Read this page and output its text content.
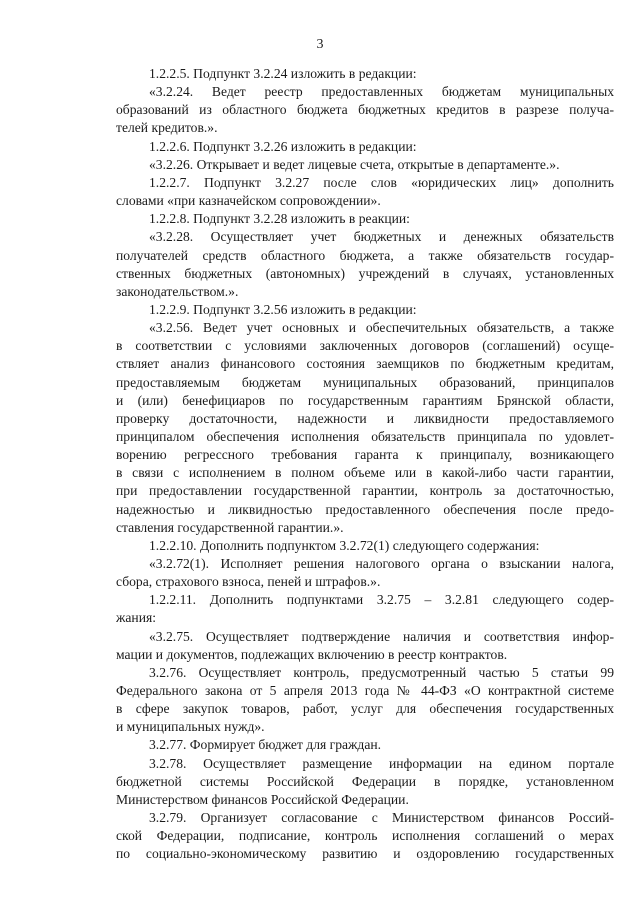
3
1.2.2.5. Подпункт 3.2.24 изложить в редакции:
«3.2.24. Ведет реестр предоставленных бюджетам муниципальных
образований из областного бюджета бюджетных кредитов в разрезе получа-
телей кредитов.».
1.2.2.6. Подпункт 3.2.26 изложить в редакции:
«3.2.26. Открывает и ведет лицевые счета, открытые в департаменте.».
1.2.2.7. Подпункт 3.2.27 после слов «юридических лиц» дополнить
словами «при казначейском сопровождении».
1.2.2.8. Подпункт 3.2.28 изложить в реакции:
«3.2.28. Осуществляет учет бюджетных и денежных обязательств
получателей средств областного бюджета, а также обязательств государ-
ственных бюджетных (автономных) учреждений в случаях, установленных
законодательством.».
1.2.2.9. Подпункт 3.2.56 изложить в редакции:
«3.2.56. Ведет учет основных и обеспечительных обязательств, а также
в соответствии с условиями заключенных договоров (соглашений) осуще-
ствляет анализ финансового состояния заемщиков по бюджетным кредитам,
предоставляемым бюджетам муниципальных образований, принципалов
и (или) бенефициаров по государственным гарантиям Брянской области,
проверку достаточности, надежности и ликвидности предоставляемого
принципалом обеспечения исполнения обязательств принципала по удовлет-
ворению регрессного требования гаранта к принципалу, возникающего
в связи с исполнением в полном объеме или в какой-либо части гарантии,
при предоставлении государственной гарантии, контроль за достаточностью,
надежностью и ликвидностью предоставленного обеспечения после предо-
ставления государственной гарантии.».
1.2.2.10. Дополнить подпунктом 3.2.72(1) следующего содержания:
«3.2.72(1). Исполняет решения налогового органа о взыскании налога,
сбора, страхового взноса, пеней и штрафов.».
1.2.2.11. Дополнить подпунктами 3.2.75 – 3.2.81 следующего содер-
жания:
«3.2.75. Осуществляет подтверждение наличия и соответствия инфор-
мации и документов, подлежащих включению в реестр контрактов.
3.2.76. Осуществляет контроль, предусмотренный частью 5 статьи 99
Федерального закона от 5 апреля 2013 года № 44-ФЗ «О контрактной системе
в сфере закупок товаров, работ, услуг для обеспечения государственных
и муниципальных нужд».
3.2.77. Формирует бюджет для граждан.
3.2.78. Осуществляет размещение информации на едином портале
бюджетной системы Российской Федерации в порядке, установленном
Министерством финансов Российской Федерации.
3.2.79. Организует согласование с Министерством финансов Россий-
ской Федерации, подписание, контроль исполнения соглашений о мерах
по социально-экономическому развитию и оздоровлению государственных
